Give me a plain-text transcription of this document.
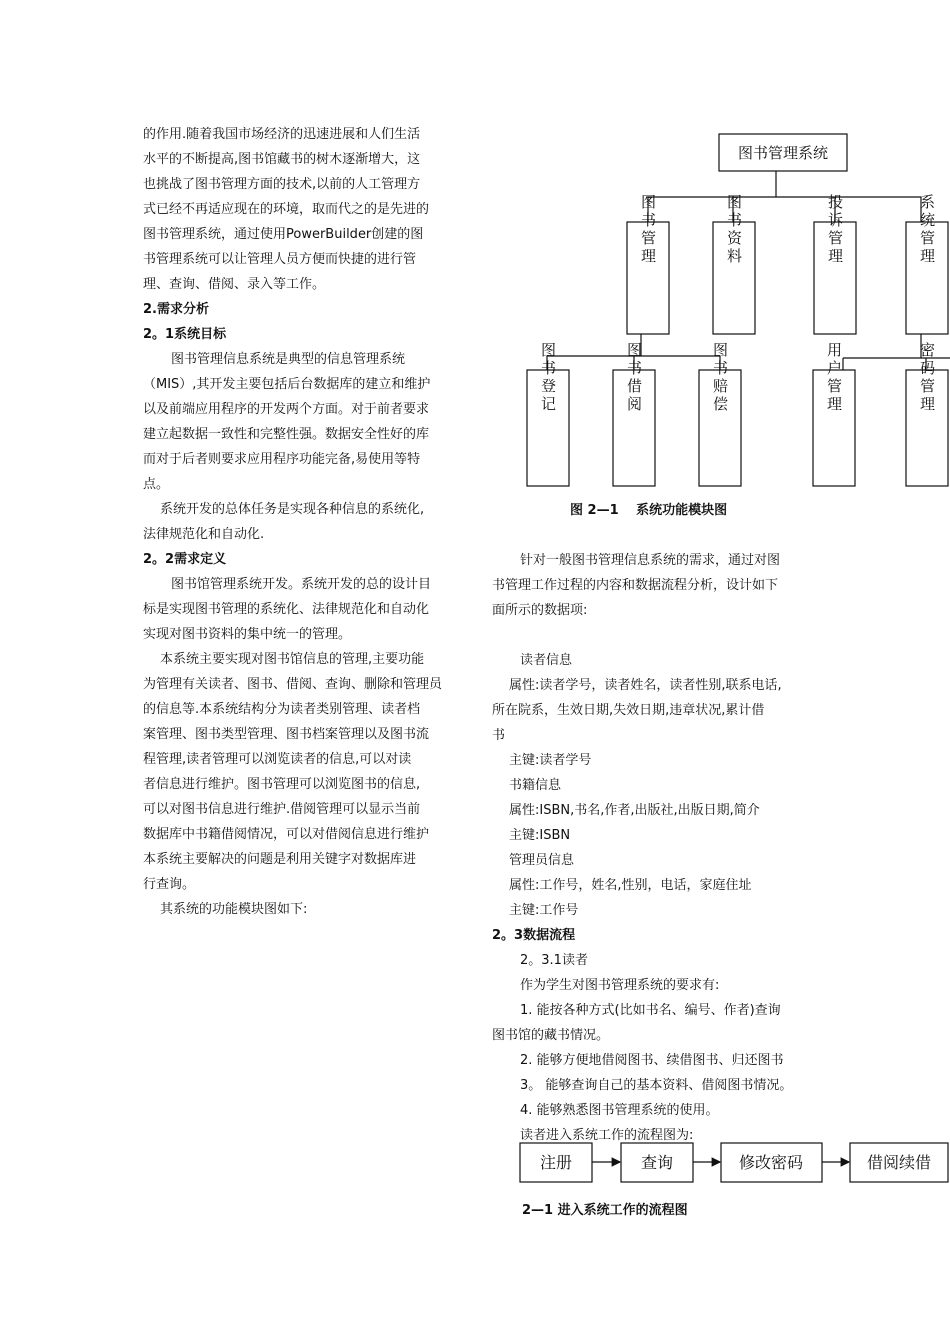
的作用.随着我国市场经济的迅速进展和人们生活

水平的不断提高,图书馆藏书的树木逐渐增大，这

也挑战了图书管理方面的技术,以前的人工管理方

式已经不再适应现在的环境，取而代之的是先进的

图书管理系统，通过使用PowerBuilder创建的图

书管理系统可以让管理人员方便而快捷的进行管

理、查询、借阅、录入等工作。

2.需求分析

2。1系统目标

图书管理信息系统是典型的信息管理系统

（MIS）,其开发主要包括后台数据库的建立和维护

以及前端应用程序的开发两个方面。对于前者要求

建立起数据一致性和完整性强。数据安全性好的库

而对于后者则要求应用程序功能完备,易使用等特

点。

系统开发的总体任务是实现各种信息的系统化,

法律规范化和自动化.

2。2需求定义

图书馆管理系统开发。系统开发的总的设计目

标是实现图书管理的系统化、法律规范化和自动化

实现对图书资料的集中统一的管理。

本系统主要实现对图书馆信息的管理,主要功能

为管理有关读者、图书、借阅、查询、删除和管理员

的信息等.本系统结构分为读者类别管理、读者档

案管理、图书类型管理、图书档案管理以及图书流

程管理,读者管理可以浏览读者的信息,可以对读

者信息进行维护。图书管理可以浏览图书的信息,

可以对图书信息进行维护.借阅管理可以显示当前

数据库中书籍借阅情况，可以对借阅信息进行维护

本系统主要解决的问题是利用关键字对数据库进

行查询。

其系统的功能模块图如下:

图书管理系统
图书管理	图书资料	投诉管理	系统管理
图书登记	图书借阅	图书赔偿	用户管理	密码管理
图 2—1　 系统功能模块图

针对一般图书管理信息系统的需求，通过对图

书管理工作过程的内容和数据流程分析，设计如下

面所示的数据项:

读者信息

属性:读者学号，读者姓名，读者性别,联系电话,

所在院系，生效日期,失效日期,违章状况,累计借

书

主键:读者学号

书籍信息

属性:ISBN,书名,作者,出版社,出版日期,简介

主键:ISBN

管理员信息

属性:工作号，姓名,性别，电话，家庭住址

主键:工作号

2。3数据流程

2。3.1读者

作为学生对图书管理系统的要求有:

1. 能按各种方式(比如书名、编号、作者)查询

图书馆的藏书情况。

2. 能够方便地借阅图书、续借图书、归还图书

3。 能够查询自己的基本资料、借阅图书情况。

4. 能够熟悉图书管理系统的使用。

读者进入系统工作的流程图为:

注册	查询	修改密码	借阅续借
2—1 进入系统工作的流程图
